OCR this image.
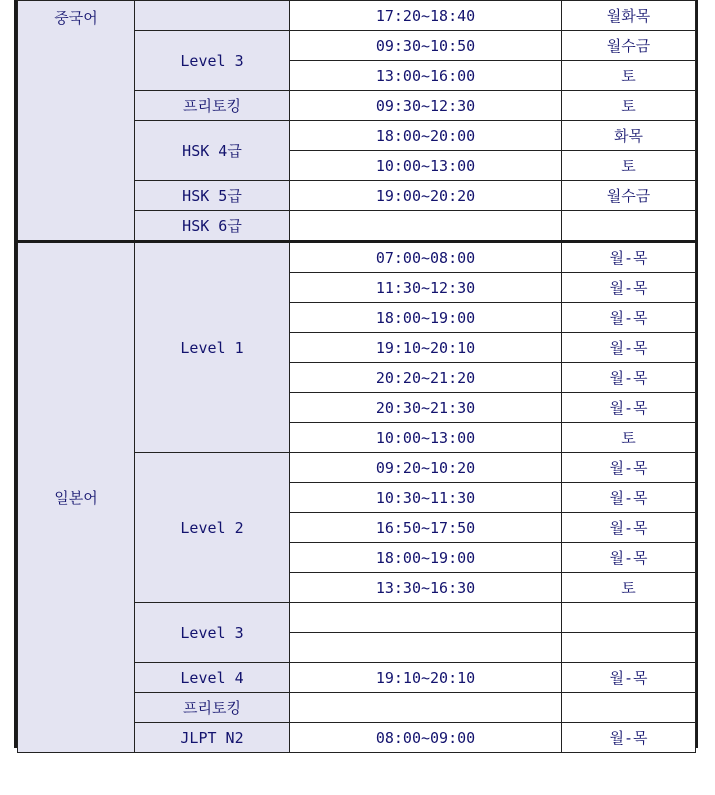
중국어		17:20~18:40	월화목
	Level 3	09:30~10:50	월수금
		13:00~16:00	토
	프리토킹	09:30~12:30	토
	HSK 4급	18:00~20:00	화목
		10:00~13:00	토
	HSK 5급	19:00~20:20	월수금
	HSK 6급		
일본어	Level 1	07:00~08:00	월-목
		11:30~12:30	월-목
		18:00~19:00	월-목
		19:10~20:10	월-목
		20:20~21:20	월-목
		20:30~21:30	월-목
		10:00~13:00	토
	Level 2	09:20~10:20	월-목
		10:30~11:30	월-목
		16:50~17:50	월-목
		18:00~19:00	월-목
		13:30~16:30	토
	Level 3		

	Level 4	19:10~20:10	월-목
	프리토킹		
	JLPT N2	08:00~09:00	월-목
